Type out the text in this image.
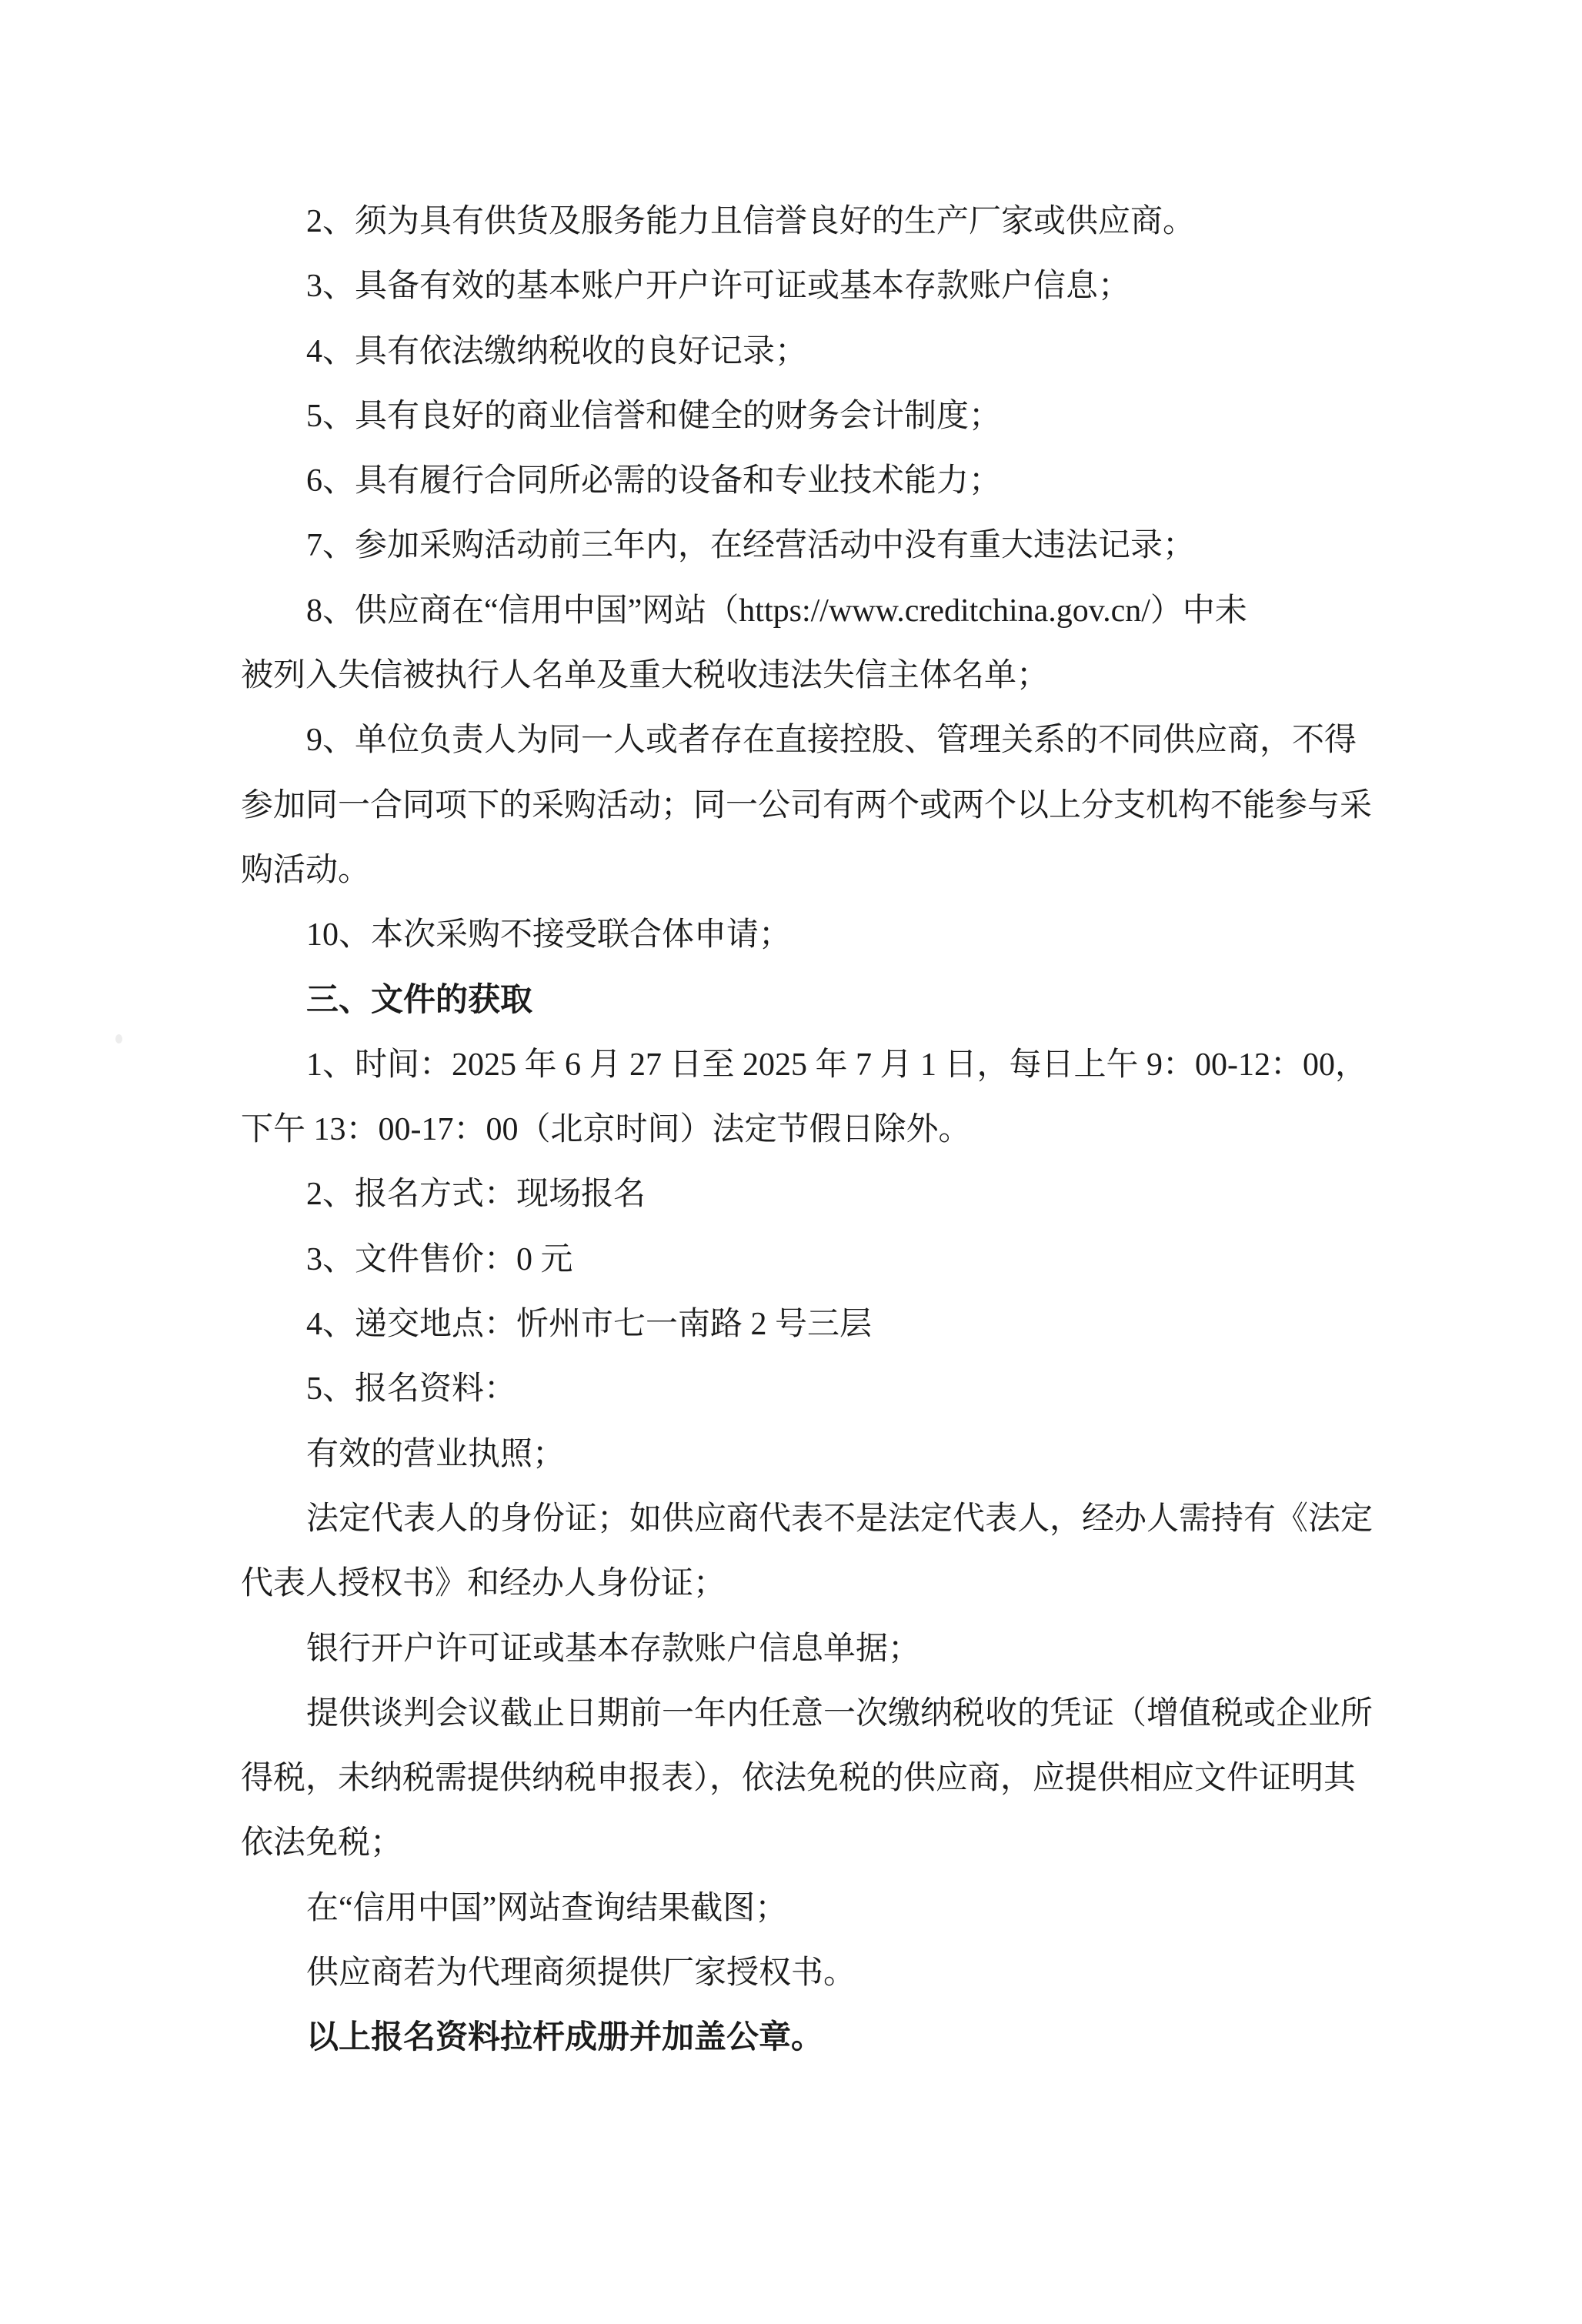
2、须为具有供货及服务能力且信誉良好的生产厂家或供应商。
3、具备有效的基本账户开户许可证或基本存款账户信息；
4、具有依法缴纳税收的良好记录；
5、具有良好的商业信誉和健全的财务会计制度；
6、具有履行合同所必需的设备和专业技术能力；
7、参加采购活动前三年内，在经营活动中没有重大违法记录；
8、供应商在“信用中国”网站（https://www.creditchina.gov.cn/）中未
被列入失信被执行人名单及重大税收违法失信主体名单；
9、单位负责人为同一人或者存在直接控股、管理关系的不同供应商，不得
参加同一合同项下的采购活动；同一公司有两个或两个以上分支机构不能参与采
购活动。
10、本次采购不接受联合体申请；
三、文件的获取
1、时间：2025 年 6 月 27 日至 2025 年 7 月 1 日，每日上午 9：00-12：00，
下午 13：00-17：00（北京时间）法定节假日除外。
2、报名方式：现场报名
3、文件售价：0 元
4、递交地点：忻州市七一南路 2 号三层
5、报名资料：
有效的营业执照；
法定代表人的身份证；如供应商代表不是法定代表人，经办人需持有《法定
代表人授权书》和经办人身份证；
银行开户许可证或基本存款账户信息单据；
提供谈判会议截止日期前一年内任意一次缴纳税收的凭证（增值税或企业所
得税，未纳税需提供纳税申报表），依法免税的供应商，应提供相应文件证明其
依法免税；
在“信用中国”网站查询结果截图；
供应商若为代理商须提供厂家授权书。
以上报名资料拉杆成册并加盖公章。
